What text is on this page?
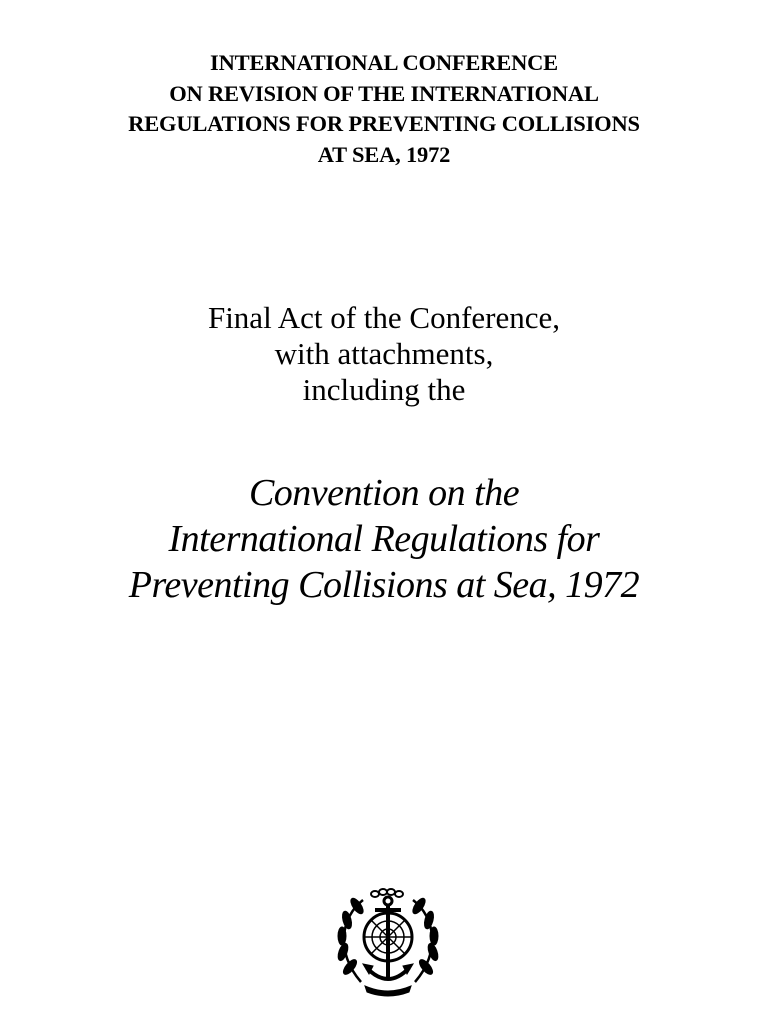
INTERNATIONAL CONFERENCE
ON REVISION OF THE INTERNATIONAL
REGULATIONS FOR PREVENTING COLLISIONS
AT SEA, 1972
Final Act of the Conference,
with attachments,
including the
Convention on the
International Regulations for
Preventing Collisions at Sea, 1972
